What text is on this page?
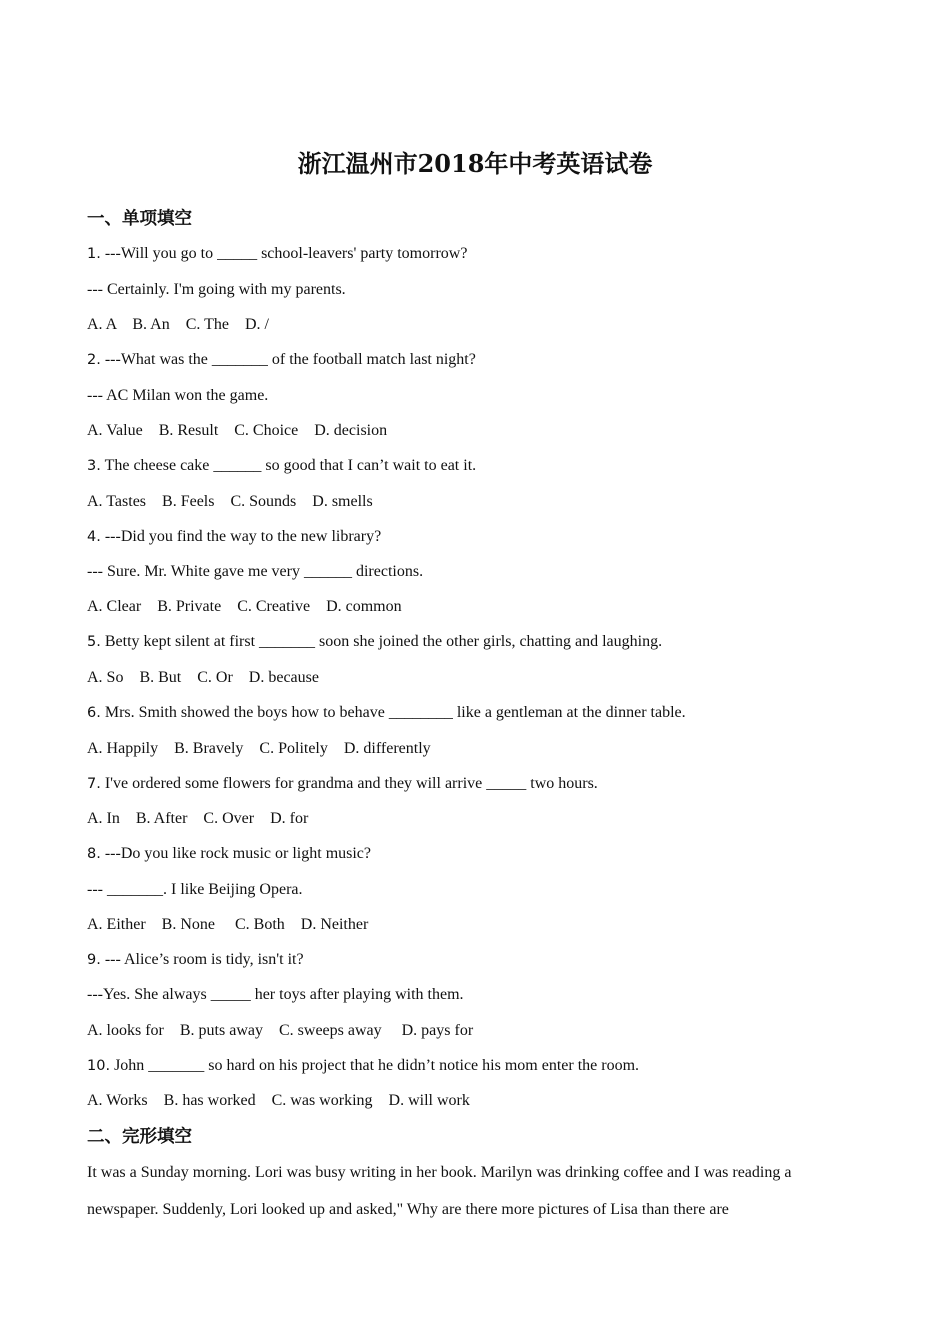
浙江温州市2018年中考英语试卷
一、单项填空
1. ---Will you go to _____ school-leavers' party tomorrow?
--- Certainly. I'm going with my parents.
A. A    B. An    C. The    D. /
2. ---What was the _______ of the football match last night?
--- AC Milan won the game.
A. Value    B. Result    C. Choice    D. decision
3. The cheese cake ______ so good that I can’t wait to eat it.
A. Tastes    B. Feels    C. Sounds    D. smells
4. ---Did you find the way to the new library?
--- Sure. Mr. White gave me very ______ directions.
A. Clear    B. Private    C. Creative    D. common
5. Betty kept silent at first _______ soon she joined the other girls, chatting and laughing.
A. So    B. But    C. Or    D. because
6. Mrs. Smith showed the boys how to behave ________ like a gentleman at the dinner table.
A. Happily    B. Bravely    C. Politely    D. differently
7. I've ordered some flowers for grandma and they will arrive _____ two hours.
A. In    B. After    C. Over    D. for
8. ---Do you like rock music or light music?
--- _______. I like Beijing Opera.
A. Either    B. None     C. Both    D. Neither
9. --- Alice’s room is tidy, isn't it?
---Yes. She always _____ her toys after playing with them.
A. looks for    B. puts away    C. sweeps away     D. pays for
10. John _______ so hard on his project that he didn’t notice his mom enter the room.
A. Works    B. has worked    C. was working    D. will work
二、完形填空
It was a Sunday morning. Lori was busy writing in her book. Marilyn was drinking coffee and I was reading a
newspaper. Suddenly, Lori looked up and asked," Why are there more pictures of Lisa than there are
